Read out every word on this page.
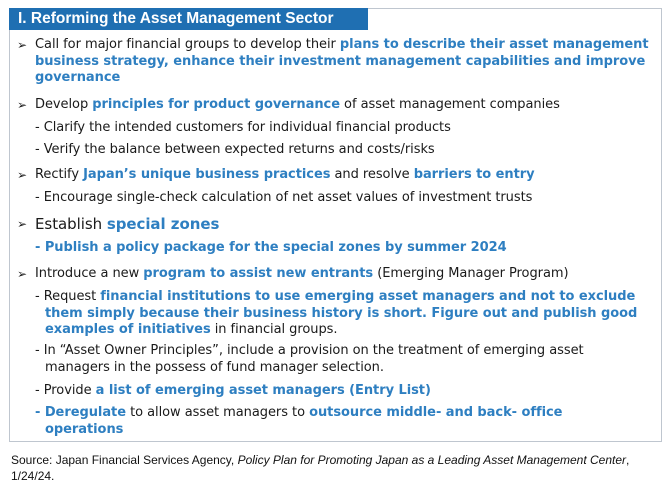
I. Reforming the Asset Management Sector
➢ Call for major financial groups to develop their plans to describe their asset management business strategy, enhance their investment management capabilities and improve governance
➢ Develop principles for product governance of asset management companies
- Clarify the intended customers for individual financial products
- Verify the balance between expected returns and costs/risks
➢ Rectify Japan’s unique business practices and resolve barriers to entry
- Encourage single-check calculation of net asset values of investment trusts
➢ Establish special zones
- Publish a policy package for the special zones by summer 2024
➢ Introduce a new program to assist new entrants (Emerging Manager Program)
- Request financial institutions to use emerging asset managers and not to exclude them simply because their business history is short. Figure out and publish good examples of initiatives in financial groups.
- In “Asset Owner Principles”, include a provision on the treatment of emerging asset managers in the possess of fund manager selection.
- Provide a list of emerging asset managers (Entry List)
- Deregulate to allow asset managers to outsource middle- and back- office operations
Source: Japan Financial Services Agency, Policy Plan for Promoting Japan as a Leading Asset Management Center, 1/24/24.
